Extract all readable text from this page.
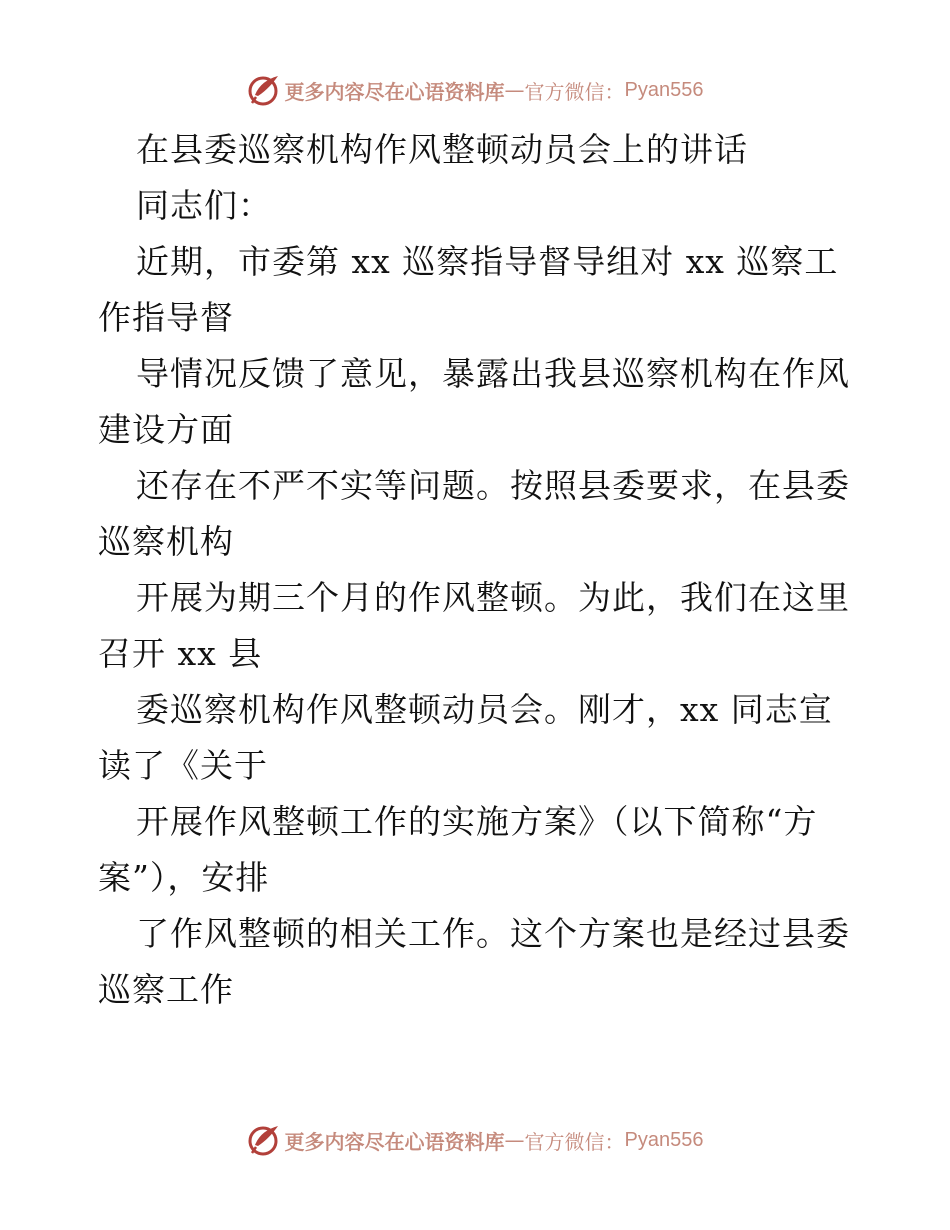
更多内容尽在心语资料库 — 官方微信： Pyan556
在县委巡察机构作风整顿动员会上的讲话
同志们：
近期，市委第 xx 巡察指导督导组对 xx 巡察工
作指导督
导情况反馈了意见，暴露出我县巡察机构在作风
建设方面
还存在不严不实等问题。按照县委要求，在县委
巡察机构
开展为期三个月的作风整顿。为此，我们在这里
召开 xx 县
委巡察机构作风整顿动员会。刚才，xx 同志宣
读了《关于
开展作风整顿工作的实施方案》（以下简称“方
案”），安排
了作风整顿的相关工作。这个方案也是经过县委
巡察工作
更多内容尽在心语资料库 — 官方微信： Pyan556
